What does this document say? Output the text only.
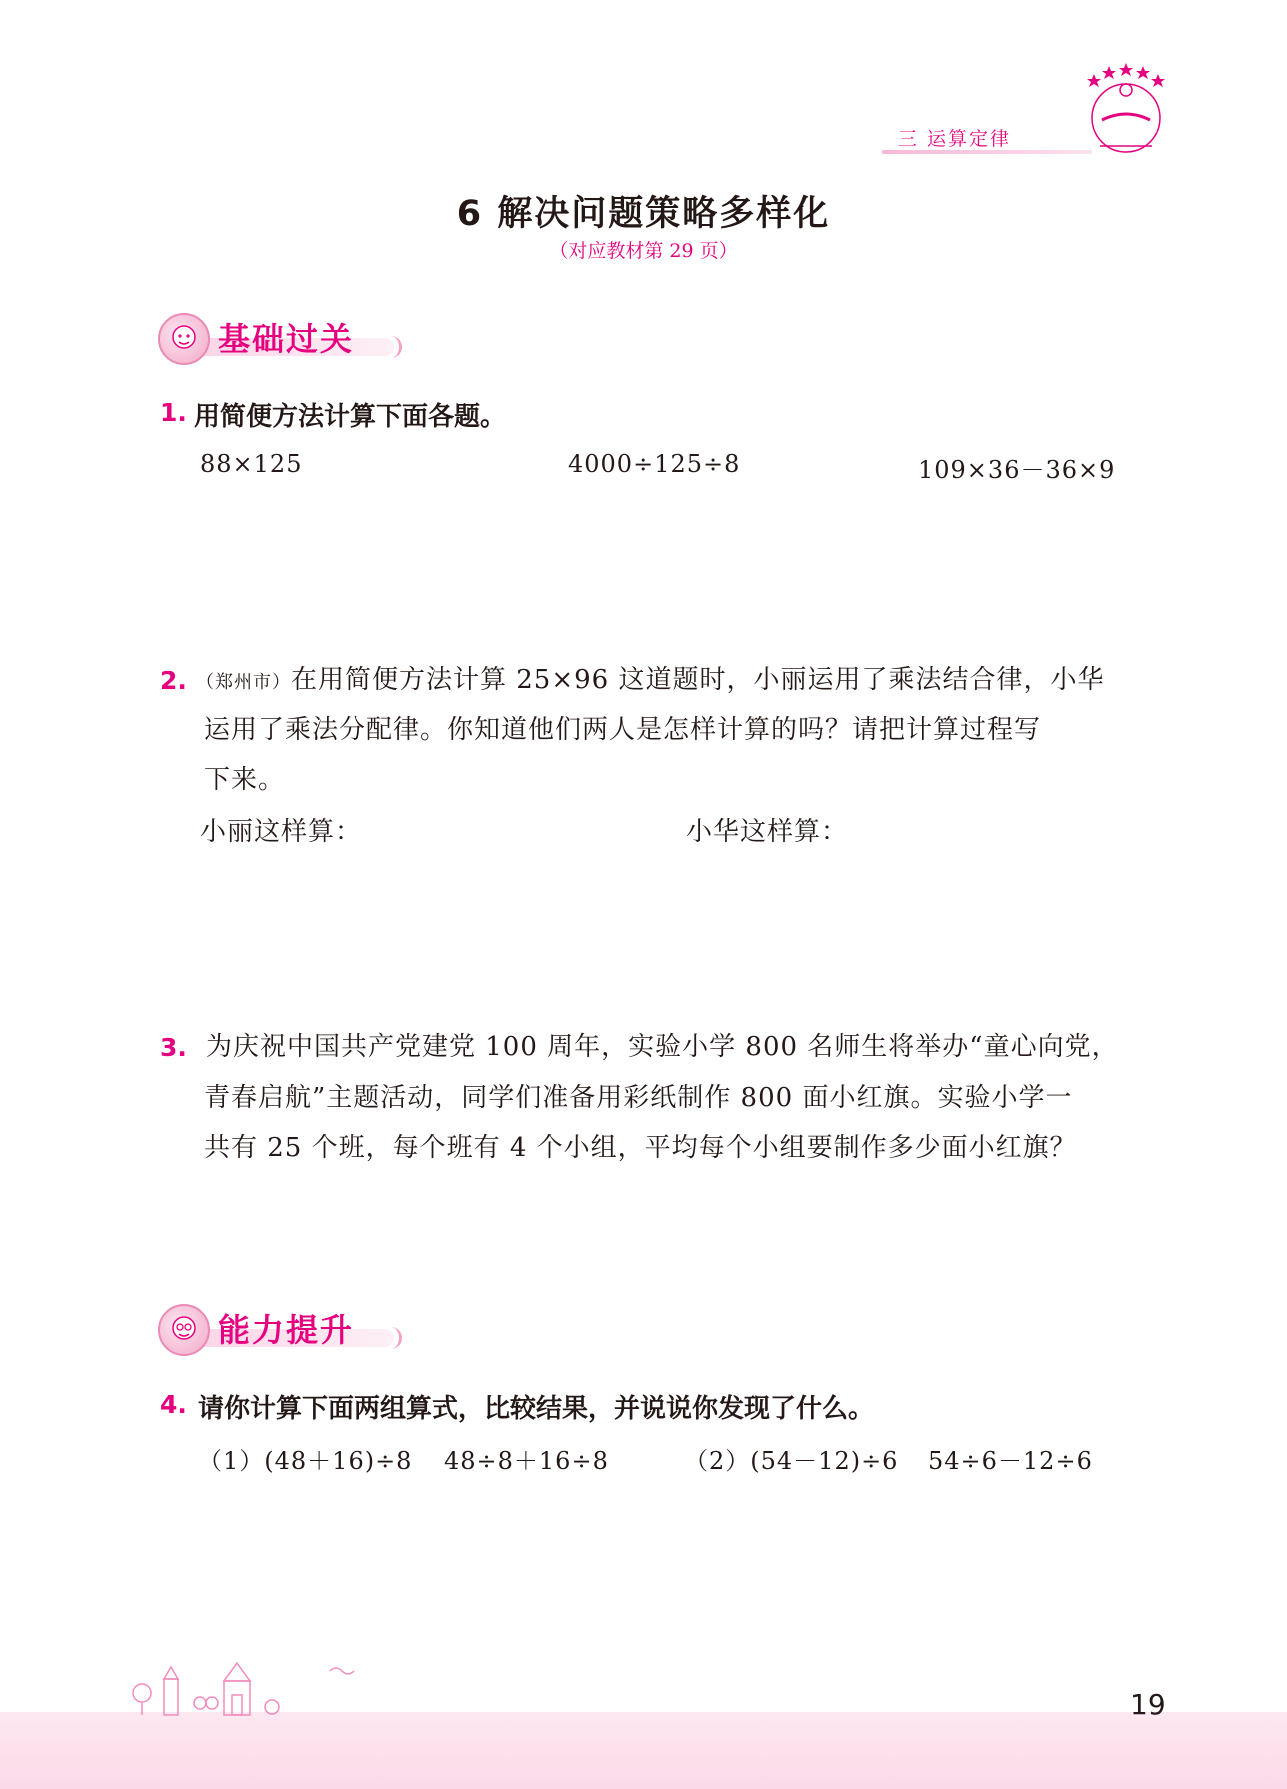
三 运算定律
6 解决问题策略多样化
（对应教材第 29 页）
基础过关
1. 用简便方法计算下面各题。
88×125	4000÷125÷8	109×36－36×9
2. （郑州市）在用简便方法计算 25×96 这道题时，小丽运用了乘法结合律，小华
运用了乘法分配律。你知道他们两人是怎样计算的吗？请把计算过程写
下来。
小丽这样算：	小华这样算：
3. 为庆祝中国共产党建党 100 周年，实验小学 800 名师生将举办“童心向党，
青春启航”主题活动，同学们准备用彩纸制作 800 面小红旗。实验小学一
共有 25 个班，每个班有 4 个小组，平均每个小组要制作多少面小红旗？
能力提升
4. 请你计算下面两组算式，比较结果，并说说你发现了什么。
（1）(48＋16)÷8 48÷8＋16÷8	（2）(54－12)÷6 54÷6－12÷6
19
